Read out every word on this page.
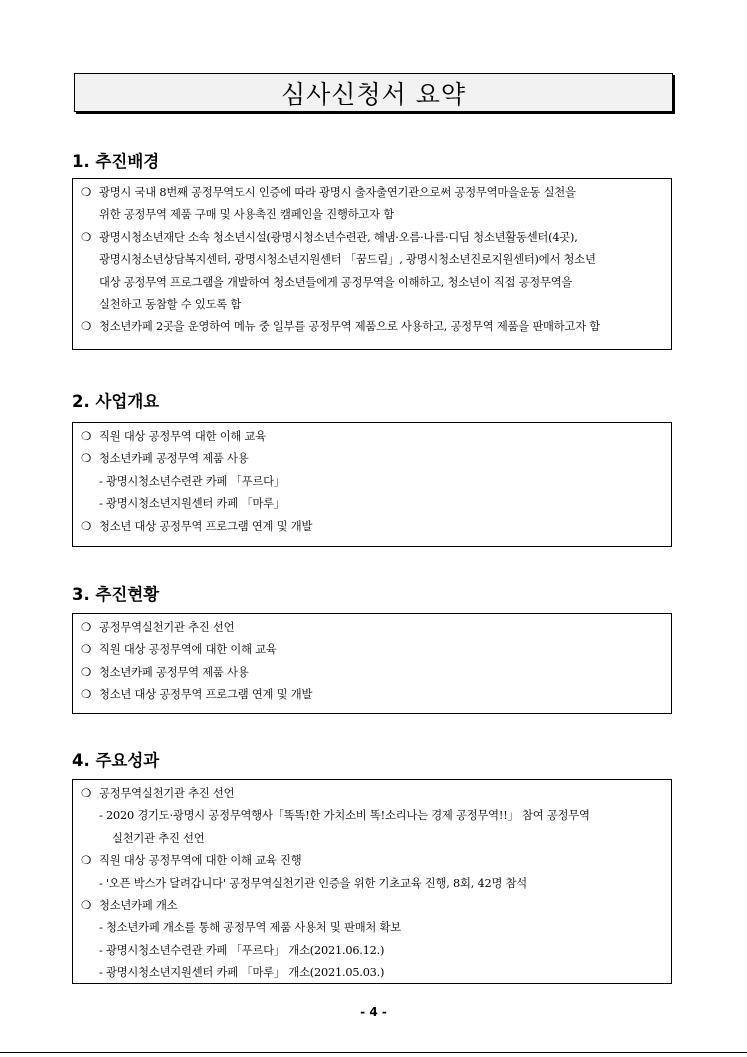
심사신청서 요약
1. 추진배경
❍ 광명시 국내 8번째 공정무역도시 인증에 따라 광명시 출자출연기관으로써 공정무역마을운동 실천을
위한 공정무역 제품 구매 및 사용촉진 캠페인을 진행하고자 함
❍ 광명시청소년재단 소속 청소년시설(광명시청소년수련관, 해냄·오름·나름·디딤 청소년활동센터(4곳),
광명시청소년상담복지센터, 광명시청소년지원센터 「꿈드림」, 광명시청소년진로지원센터)에서 청소년
대상 공정무역 프로그램을 개발하여 청소년들에게 공정무역을 이해하고, 청소년이 직접 공정무역을
실천하고 동참할 수 있도록 함
❍ 청소년카페 2곳을 운영하여 메뉴 중 일부를 공정무역 제품으로 사용하고, 공정무역 제품을 판매하고자 함
2. 사업개요
❍ 직원 대상 공정무역 대한 이해 교육
❍ 청소년카페 공정무역 제품 사용
- 광명시청소년수련관 카페 「푸르다」
- 광명시청소년지원센터 카페 「마루」
❍ 청소년 대상 공정무역 프로그램 연계 및 개발
3. 추진현황
❍ 공정무역실천기관 추진 선언
❍ 직원 대상 공정무역에 대한 이해 교육
❍ 청소년카페 공정무역 제품 사용
❍ 청소년 대상 공정무역 프로그램 연계 및 개발
4. 주요성과
❍ 공정무역실천기관 추진 선언
- 2020 경기도·광명시 공정무역행사「똑똑!한 가치소비 똑!소리나는 경제 공정무역!!」 참여 공정무역
실천기관 추진 선언
❍ 직원 대상 공정무역에 대한 이해 교육 진행
- '오픈 박스가 달려갑니다' 공정무역실천기관 인증을 위한 기초교육 진행, 8회, 42명 참석
❍ 청소년카페 개소
- 청소년카페 개소를 통해 공정무역 제품 사용처 및 판매처 확보
- 광명시청소년수련관 카페 「푸르다」 개소(2021.06.12.)
- 광명시청소년지원센터 카페 「마루」 개소(2021.05.03.)
- 4 -
